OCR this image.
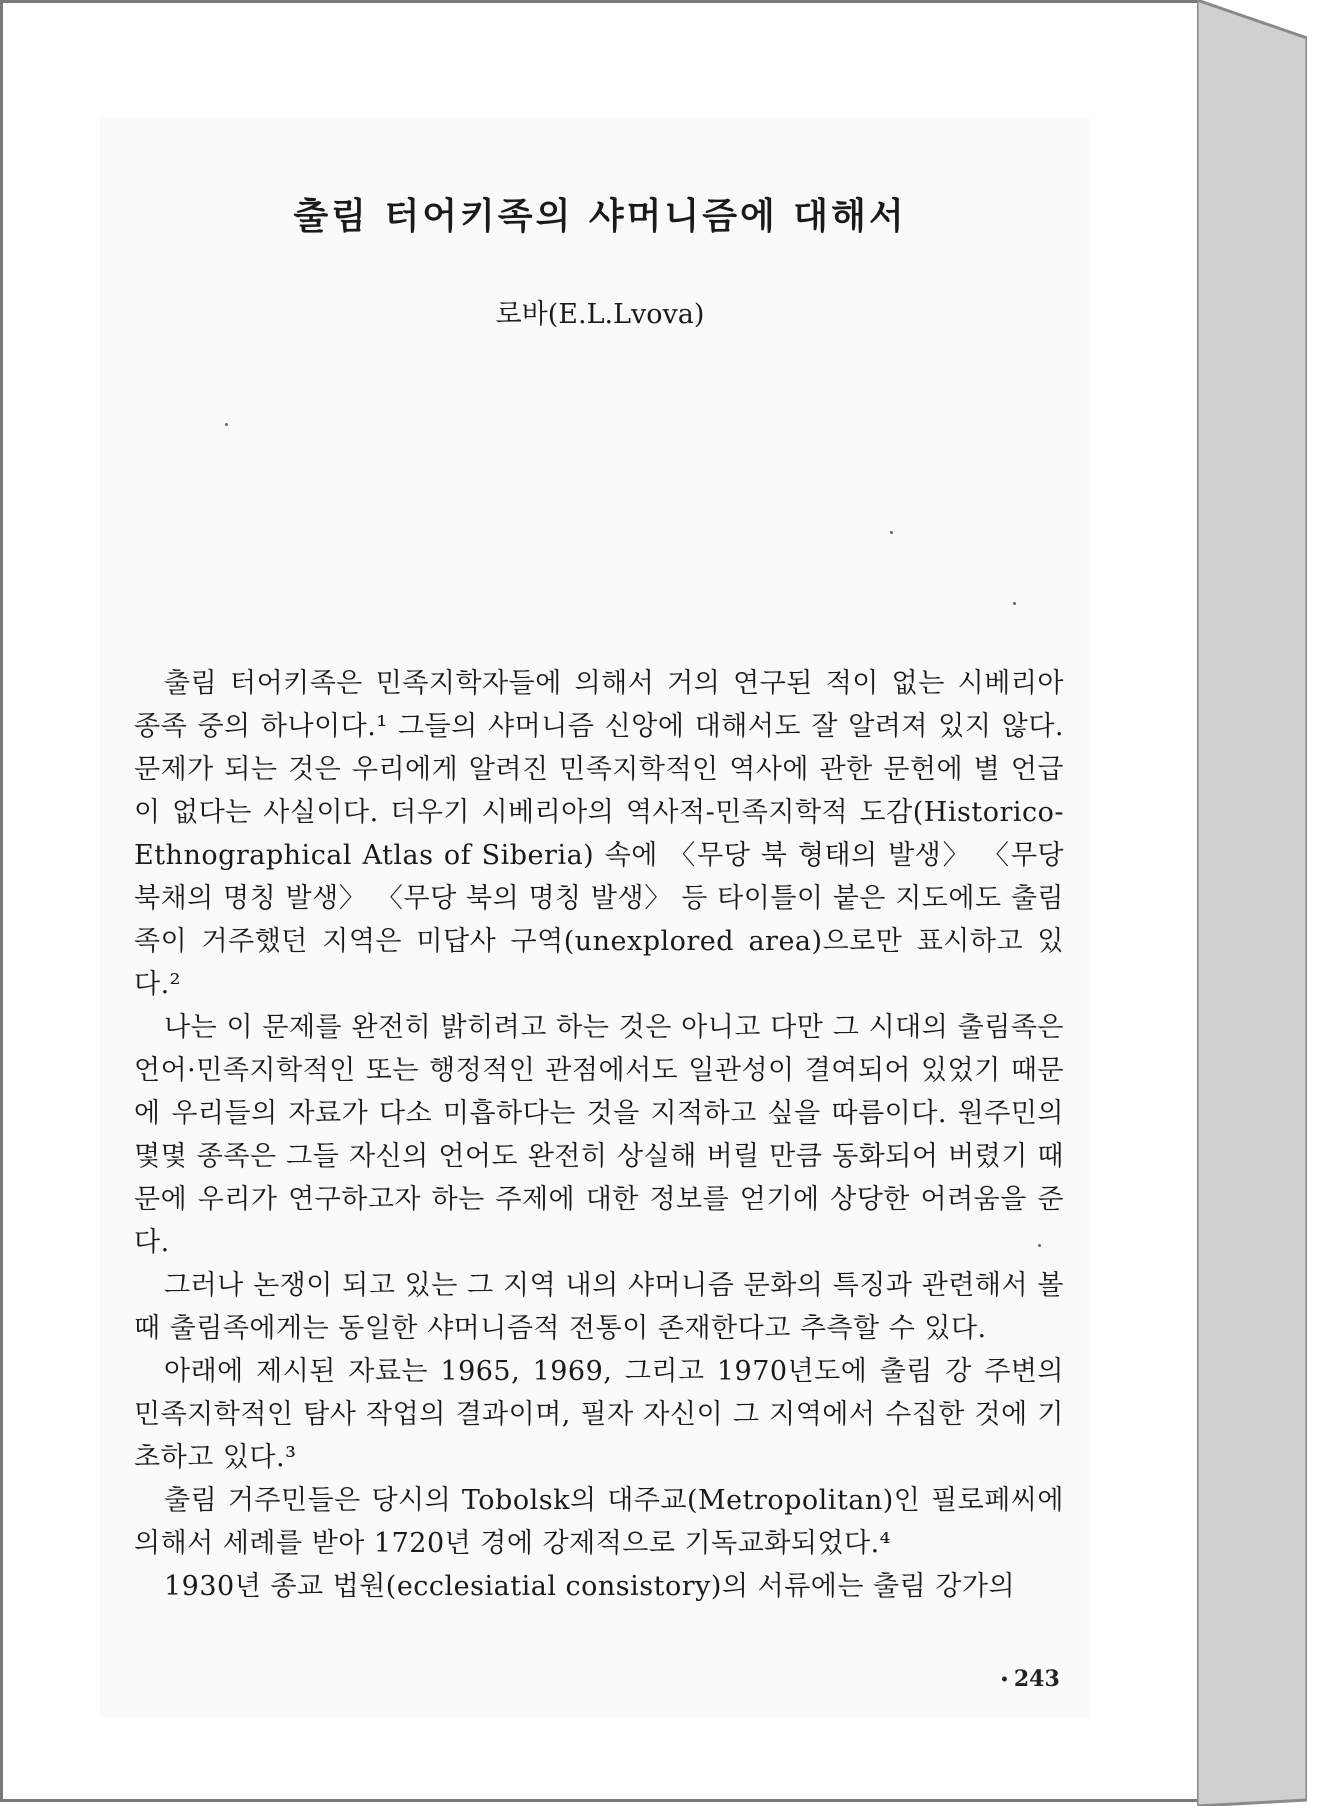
출림 터어키족의 샤머니즘에 대해서
로바(E.L.Lvova)

출림 터어키족은 민족지학자들에 의해서 거의 연구된 적이 없는 시베리아 종족 중의 하나이다.¹ 그들의 샤머니즘 신앙에 대해서도 잘 알려져 있지 않다. 문제가 되는 것은 우리에게 알려진 민족지학적인 역사에 관한 문헌에 별 언급이 없다는 사실이다. 더우기 시베리아의 역사적-민족지학적 도감(Historico-Ethnographical Atlas of Siberia) 속에 〈무당 북 형태의 발생〉 〈무당 북채의 명칭 발생〉 〈무당 북의 명칭 발생〉 등 타이틀이 붙은 지도에도 출림족이 거주했던 지역은 미답사 구역(unexplored area)으로만 표시하고 있다.²

나는 이 문제를 완전히 밝히려고 하는 것은 아니고 다만 그 시대의 출림족은 언어·민족지학적인 또는 행정적인 관점에서도 일관성이 결여되어 있었기 때문에 우리들의 자료가 다소 미흡하다는 것을 지적하고 싶을 따름이다. 원주민의 몇몇 종족은 그들 자신의 언어도 완전히 상실해 버릴 만큼 동화되어 버렸기 때문에 우리가 연구하고자 하는 주제에 대한 정보를 얻기에 상당한 어려움을 준다.

그러나 논쟁이 되고 있는 그 지역 내의 샤머니즘 문화의 특징과 관련해서 볼 때 출림족에게는 동일한 샤머니즘적 전통이 존재한다고 추측할 수 있다.

아래에 제시된 자료는 1965, 1969, 그리고 1970년도에 출림 강 주변의 민족지학적인 탐사 작업의 결과이며, 필자 자신이 그 지역에서 수집한 것에 기초하고 있다.³

출림 거주민들은 당시의 Tobolsk의 대주교(Metropolitan)인 필로페씨에 의해서 세례를 받아 1720년 경에 강제적으로 기독교화되었다.⁴

1930년 종교 법원(ecclesiatial consistory)의 서류에는 출림 강가의

• 243
